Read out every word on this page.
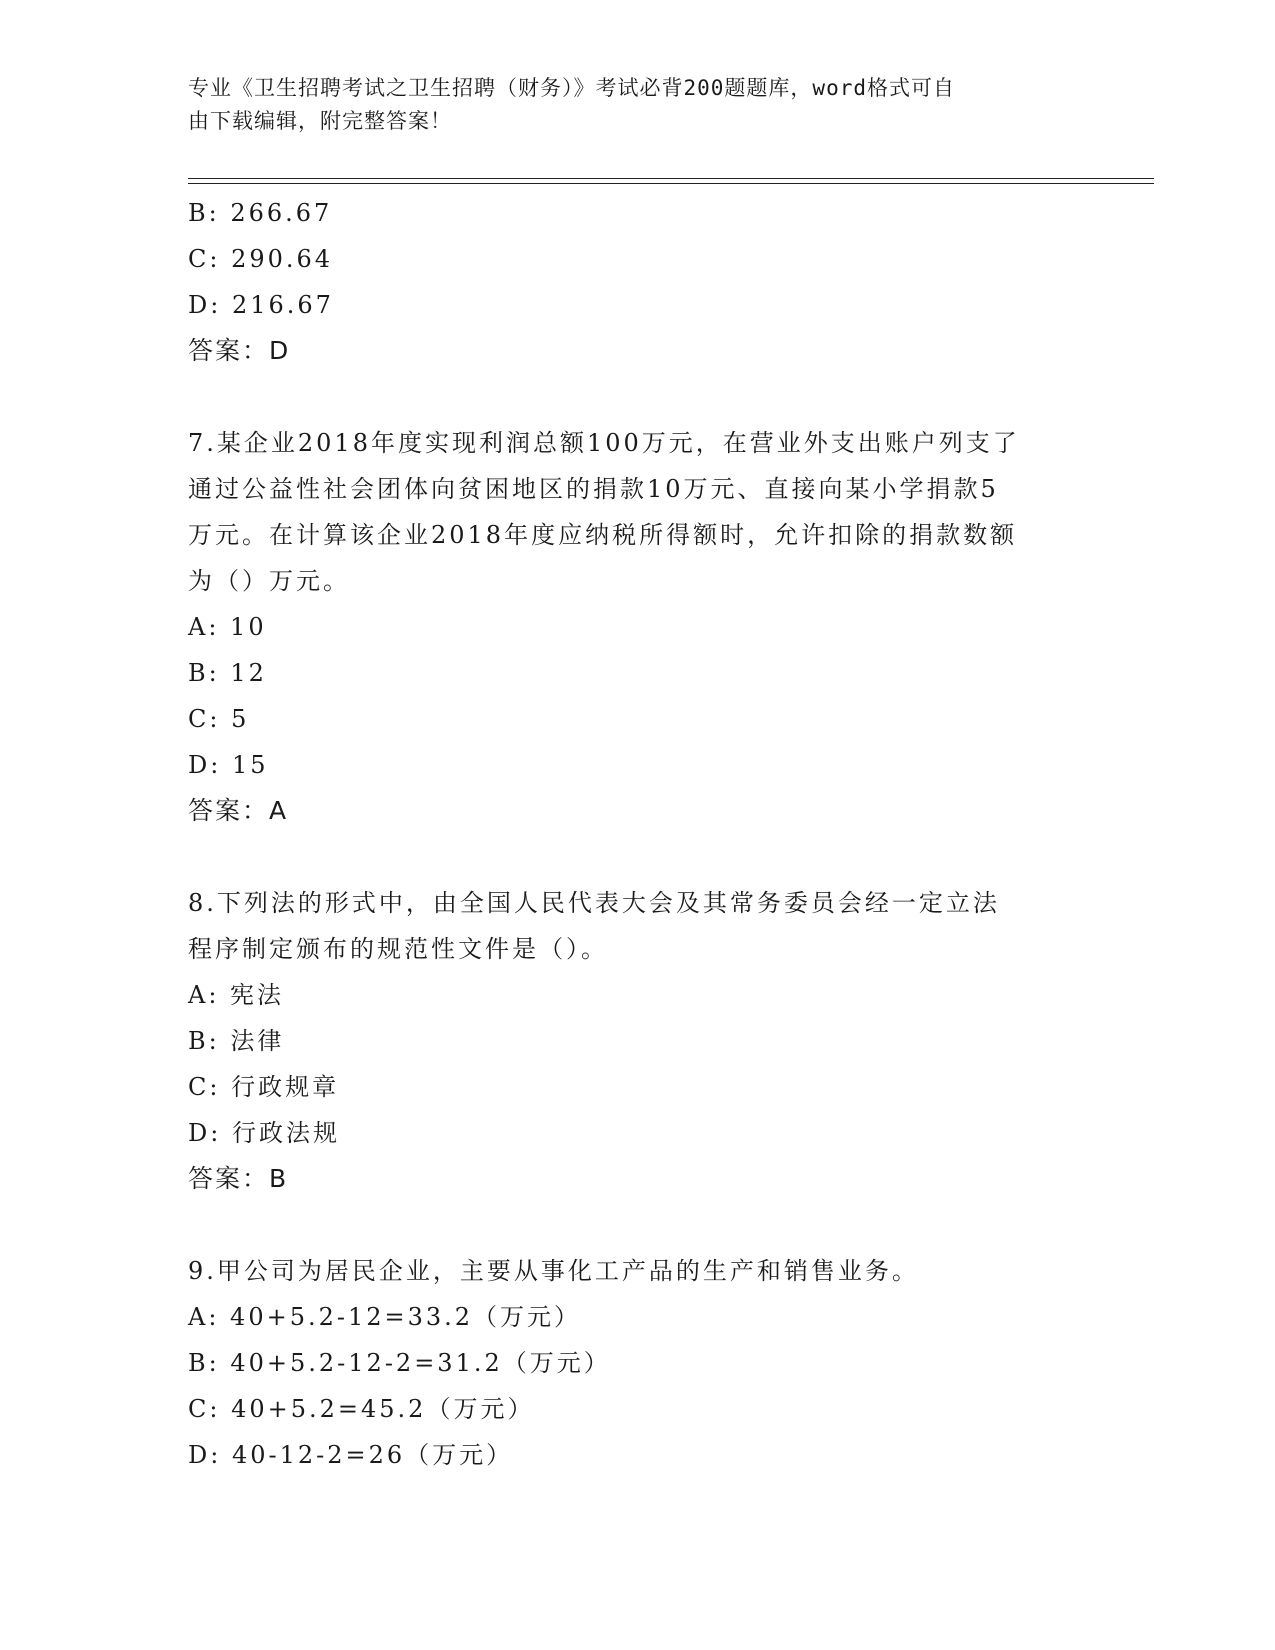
专业《卫生招聘考试之卫生招聘（财务）》考试必背200题题库，word格式可自
由下载编辑，附完整答案！
B: 266.67
C: 290.64
D: 216.67
答案：D
7.某企业2018年度实现利润总额100万元，在营业外支出账户列支了
通过公益性社会团体向贫困地区的捐款10万元、直接向某小学捐款5
万元。在计算该企业2018年度应纳税所得额时，允许扣除的捐款数额
为（）万元。
A: 10
B: 12
C: 5
D: 15
答案：A
8.下列法的形式中，由全国人民代表大会及其常务委员会经一定立法
程序制定颁布的规范性文件是（）。
A: 宪法
B: 法律
C: 行政规章
D: 行政法规
答案：B
9.甲公司为居民企业，主要从事化工产品的生产和销售业务。
A: 40+5.2-12=33.2（万元）
B: 40+5.2-12-2=31.2（万元）
C: 40+5.2=45.2（万元）
D: 40-12-2=26（万元）
